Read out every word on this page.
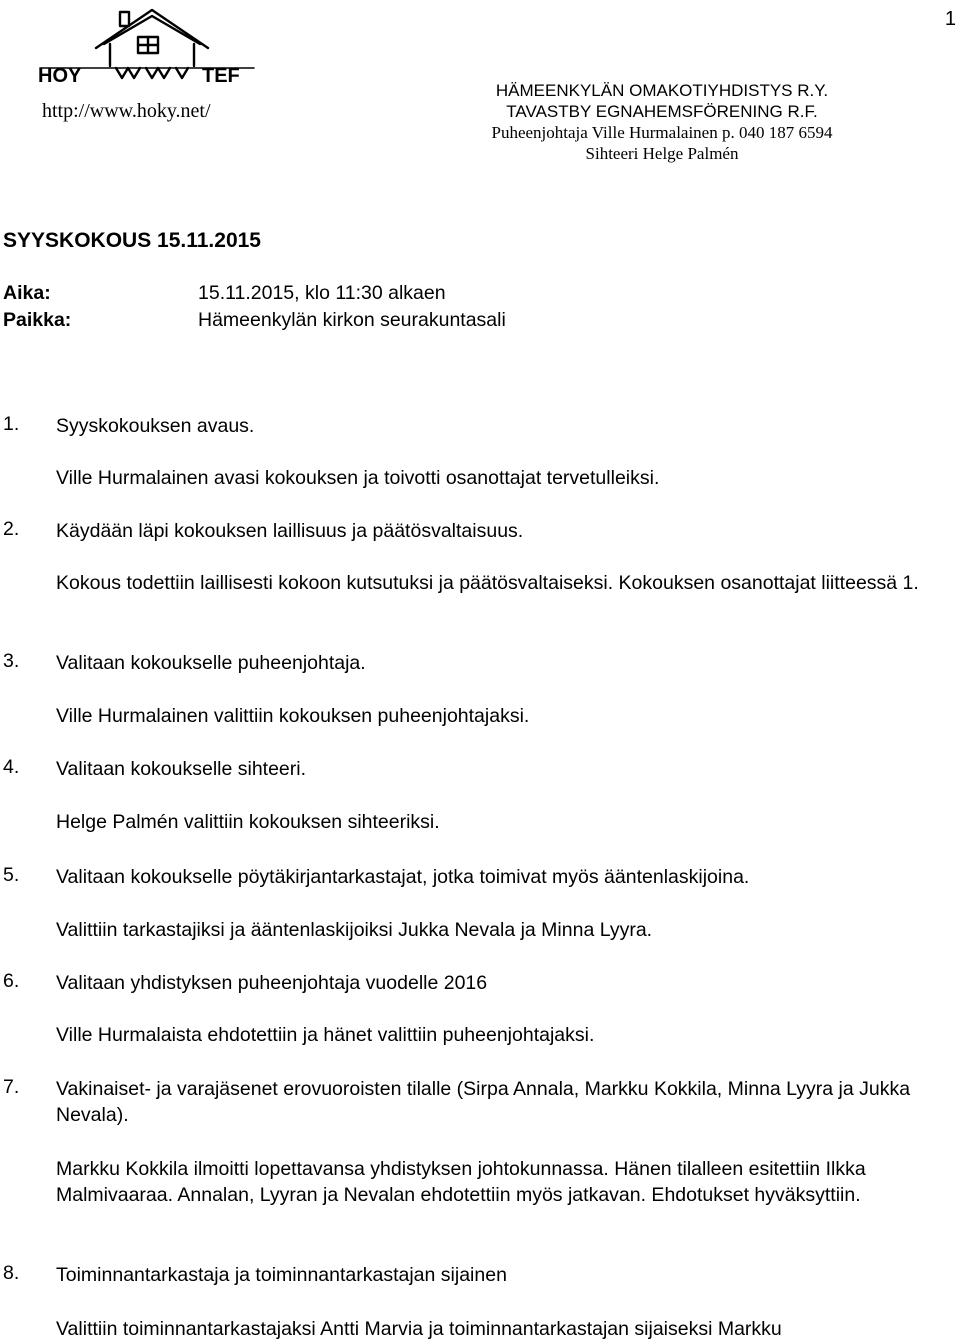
1
HOY	TEF
http://www.hoky.net/
HÄMEENKYLÄN OMAKOTIYHDISTYS R.Y.
TAVASTBY EGNAHEMSFÖRENING R.F.
Puheenjohtaja Ville Hurmalainen p. 040 187 6594
Sihteeri Helge Palmén
SYYSKOKOUS 15.11.2015
Aika:	15.11.2015, klo 11:30 alkaen
Paikka:	Hämeenkylän kirkon seurakuntasali
1. Syyskokouksen avaus.
Ville Hurmalainen avasi kokouksen ja toivotti osanottajat tervetulleiksi.
2. Käydään läpi kokouksen laillisuus ja päätösvaltaisuus.
Kokous todettiin laillisesti kokoon kutsutuksi ja päätösvaltaiseksi. Kokouksen osanottajat liitteessä 1.
3. Valitaan kokoukselle puheenjohtaja.
Ville Hurmalainen valittiin kokouksen puheenjohtajaksi.
4. Valitaan kokoukselle sihteeri.
Helge Palmén valittiin kokouksen sihteeriksi.
5. Valitaan kokoukselle pöytäkirjantarkastajat, jotka toimivat myös ääntenlaskijoina.
Valittiin tarkastajiksi ja ääntenlaskijoiksi Jukka Nevala ja Minna Lyyra.
6. Valitaan yhdistyksen puheenjohtaja vuodelle 2016
Ville Hurmalaista ehdotettiin ja hänet valittiin puheenjohtajaksi.
7. Vakinaiset- ja varajäsenet erovuoroisten tilalle (Sirpa Annala, Markku Kokkila, Minna Lyyra ja Jukka Nevala).
Markku Kokkila ilmoitti lopettavansa yhdistyksen johtokunnassa. Hänen tilalleen esitettiin Ilkka Malmivaaraa. Annalan, Lyyran ja Nevalan ehdotettiin myös jatkavan. Ehdotukset hyväksyttiin.
8. Toiminnantarkastaja ja toiminnantarkastajan sijainen
Valittiin toiminnantarkastajaksi Antti Marvia ja toiminnantarkastajan sijaiseksi Markku
